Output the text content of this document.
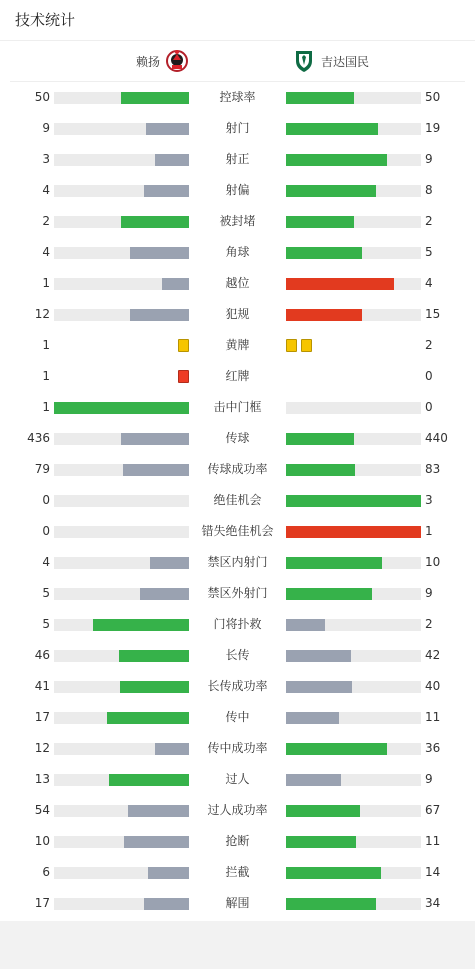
技术统计
赖扬	吉达国民
50	控球率	50
9	射门	19
3	射正	9
4	射偏	8
2	被封堵	2
4	角球	5
1	越位	4
12	犯规	15
1	黄牌	2
1	红牌	0
1	击中门框	0
436	传球	440
79	传球成功率	83
0	绝佳机会	3
0	错失绝佳机会	1
4	禁区内射门	10
5	禁区外射门	9
5	门将扑救	2
46	长传	42
41	长传成功率	40
17	传中	11
12	传中成功率	36
13	过人	9
54	过人成功率	67
10	抢断	11
6	拦截	14
17	解围	34
